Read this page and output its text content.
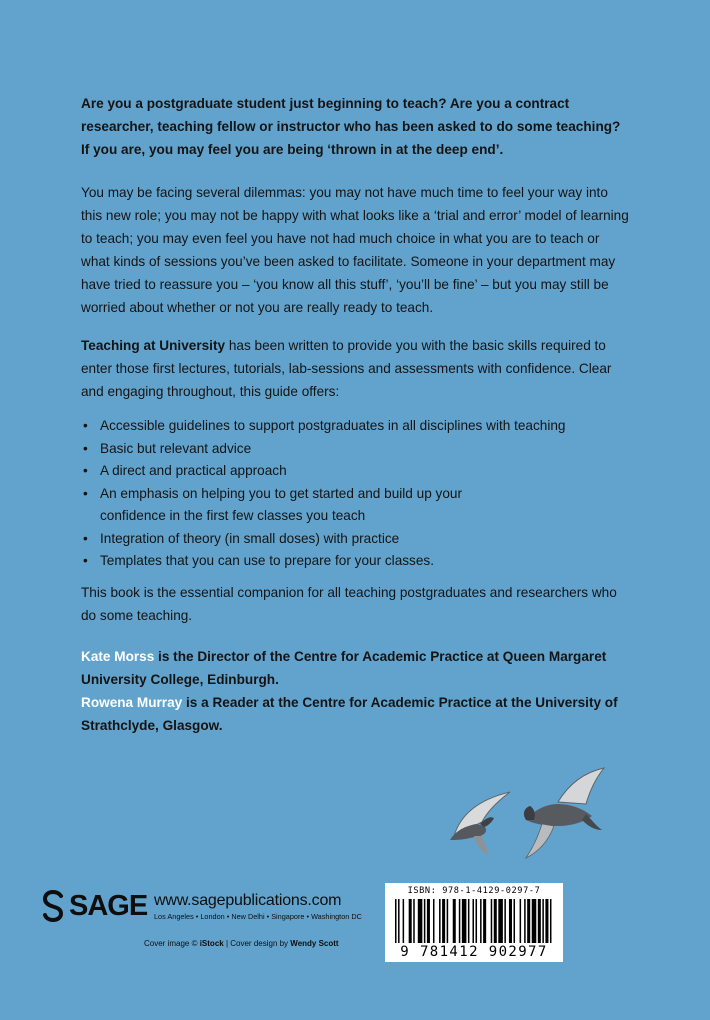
Are you a postgraduate student just beginning to teach? Are you a contract researcher, teaching fellow or instructor who has been asked to do some teaching? If you are, you may feel you are being ‘thrown in at the deep end’.

You may be facing several dilemmas: you may not have much time to feel your way into this new role; you may not be happy with what looks like a ‘trial and error’ model of learning to teach; you may even feel you have not had much choice in what you are to teach or what kinds of sessions you’ve been asked to facilitate. Someone in your department may have tried to reassure you – ‘you know all this stuff’, ‘you’ll be fine’ – but you may still be worried about whether or not you are really ready to teach.

Teaching at University has been written to provide you with the basic skills required to enter those first lectures, tutorials, lab-sessions and assessments with confidence. Clear and engaging throughout, this guide offers:

• Accessible guidelines to support postgraduates in all disciplines with teaching
• Basic but relevant advice
• A direct and practical approach
• An emphasis on helping you to get started and build up your confidence in the first few classes you teach
• Integration of theory (in small doses) with practice
• Templates that you can use to prepare for your classes.

This book is the essential companion for all teaching postgraduates and researchers who do some teaching.

Kate Morss is the Director of the Centre for Academic Practice at Queen Margaret University College, Edinburgh.

Rowena Murray is a Reader at the Centre for Academic Practice at the University of Strathclyde, Glasgow.

SAGE www.sagepublications.com
Los Angeles • London • New Delhi • Singapore • Washington DC
Cover image © iStock | Cover design by Wendy Scott
ISBN: 978-1-4129-0297-7
9 781412 902977
